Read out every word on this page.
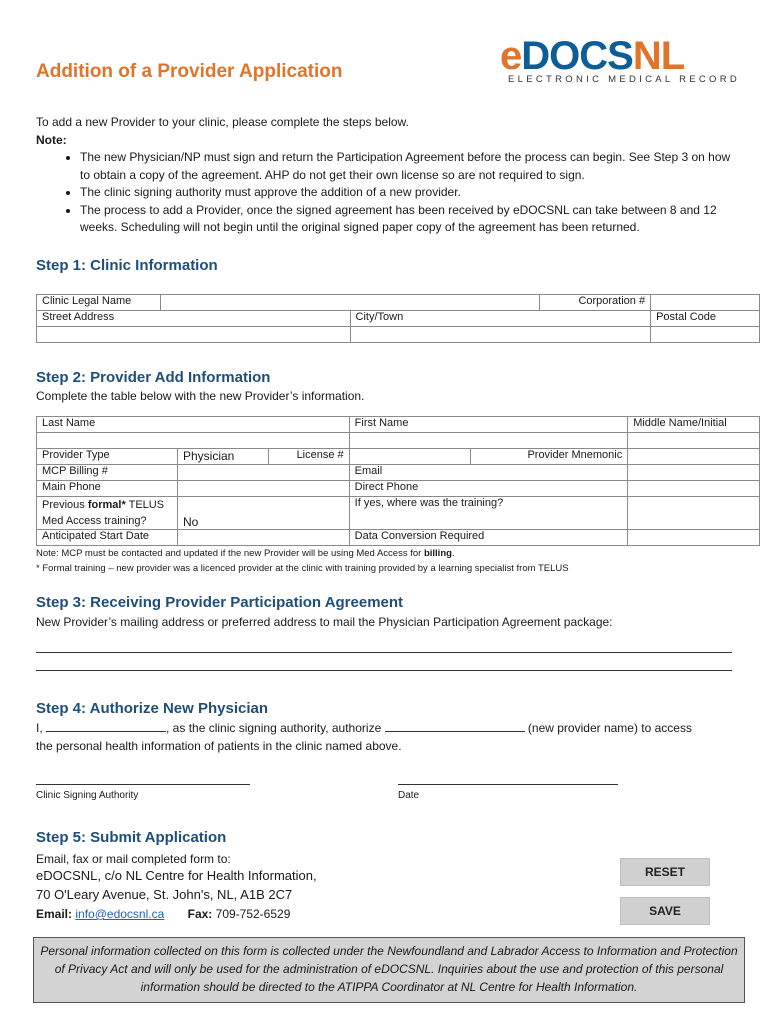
Addition of a Provider Application	eDOCSNL
ELECTRONIC MEDICAL RECORD

To add a new Provider to your clinic, please complete the steps below.

Note:

• The new Physician/NP must sign and return the Participation Agreement before the process can begin. See Step 3 on how to obtain a copy of the agreement. AHP do not get their own license so are not required to sign.
• The clinic signing authority must approve the addition of a new provider.
• The process to add a Provider, once the signed agreement has been received by eDOCSNL can take between 8 and 12 weeks. Scheduling will not begin until the original signed paper copy of the agreement has been returned.
Step 1: Clinic Information
Clinic Legal Name			Corporation #	
Street Address		City/Town		Postal Code

Step 2: Provider Add Information

Complete the table below with the new Provider’s information.

Last Name			First Name		Middle Name/Initial

Provider Type	Physician	License #		Provider Mnemonic	
MCP Billing #			Email		
Main Phone			Direct Phone		
Previous formal* TELUS
Med Access training?	No		If yes, where was the training?		
Anticipated Start Date			Data Conversion Required		

Note: MCP must be contacted and updated if the new Provider will be using Med Access for billing.

* Formal training – new provider was a licenced provider at the clinic with training provided by a learning specialist from TELUS

Step 3: Receiving Provider Participation Agreement

New Provider’s mailing address or preferred address to mail the Physician Participation Agreement package:

Step 4: Authorize New Physician
I,	, as the clinic signing authority, authorize	(new provider name) to access

the personal health information of patients in the clinic named above.

Clinic Signing Authority	Date

Step 5: Submit Application

Email, fax or mail completed form to:

eDOCSNL, c/o NL Centre for Health Information,

70 O'Leary Avenue, St. John's, NL, A1B 2C7

Email: info@edocsnl.ca Fax: 709-752-6529
RESET
SAVE
Personal information collected on this form is collected under the Newfoundland and Labrador Access to Information and Protection of Privacy Act and will only be used for the administration of eDOCSNL. Inquiries about the use and protection of this personal information should be directed to the ATIPPA Coordinator at NL Centre for Health Information.
